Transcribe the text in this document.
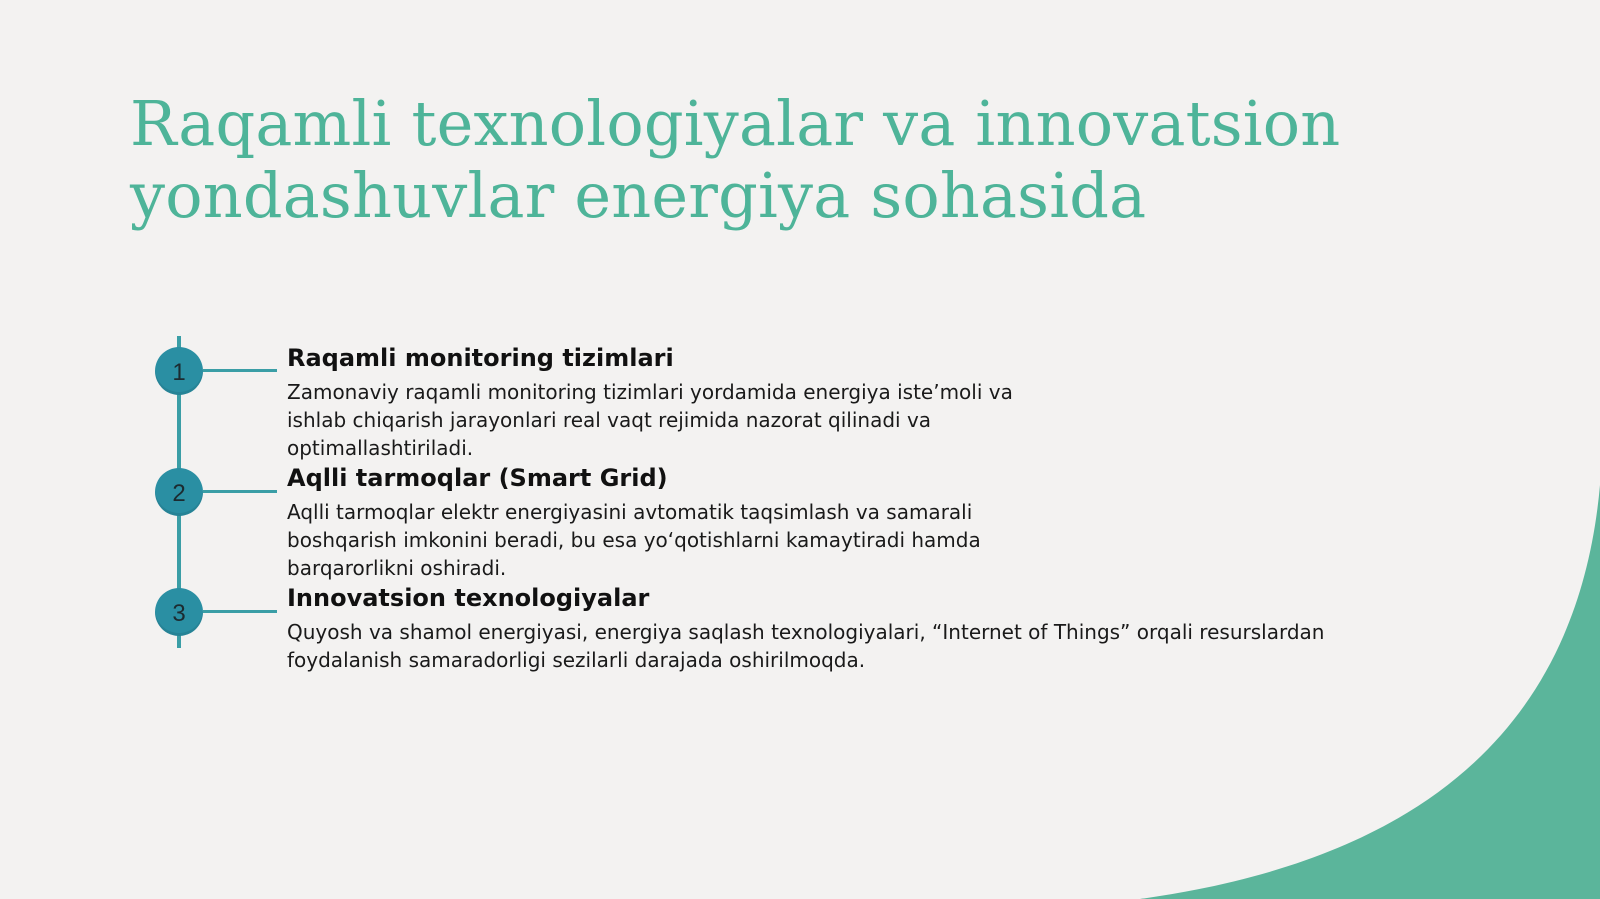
Raqamli texnologiyalar va innovatsion
yondashuvlar energiya sohasida
1
Raqamli monitoring tizimlari

Zamonaviy raqamli monitoring tizimlari yordamida energiya iste’moli va
ishlab chiqarish jarayonlari real vaqt rejimida nazorat qilinadi va
optimallashtiriladi.

2
Aqlli tarmoqlar (Smart Grid)

Aqlli tarmoqlar elektr energiyasini avtomatik taqsimlash va samarali
boshqarish imkonini beradi, bu esa yo‘qotishlarni kamaytiradi hamda
barqarorlikni oshiradi.

3
Innovatsion texnologiyalar

Quyosh va shamol energiyasi, energiya saqlash texnologiyalari, “Internet of Things” orqali resurslardan
foydalanish samaradorligi sezilarli darajada oshirilmoqda.
